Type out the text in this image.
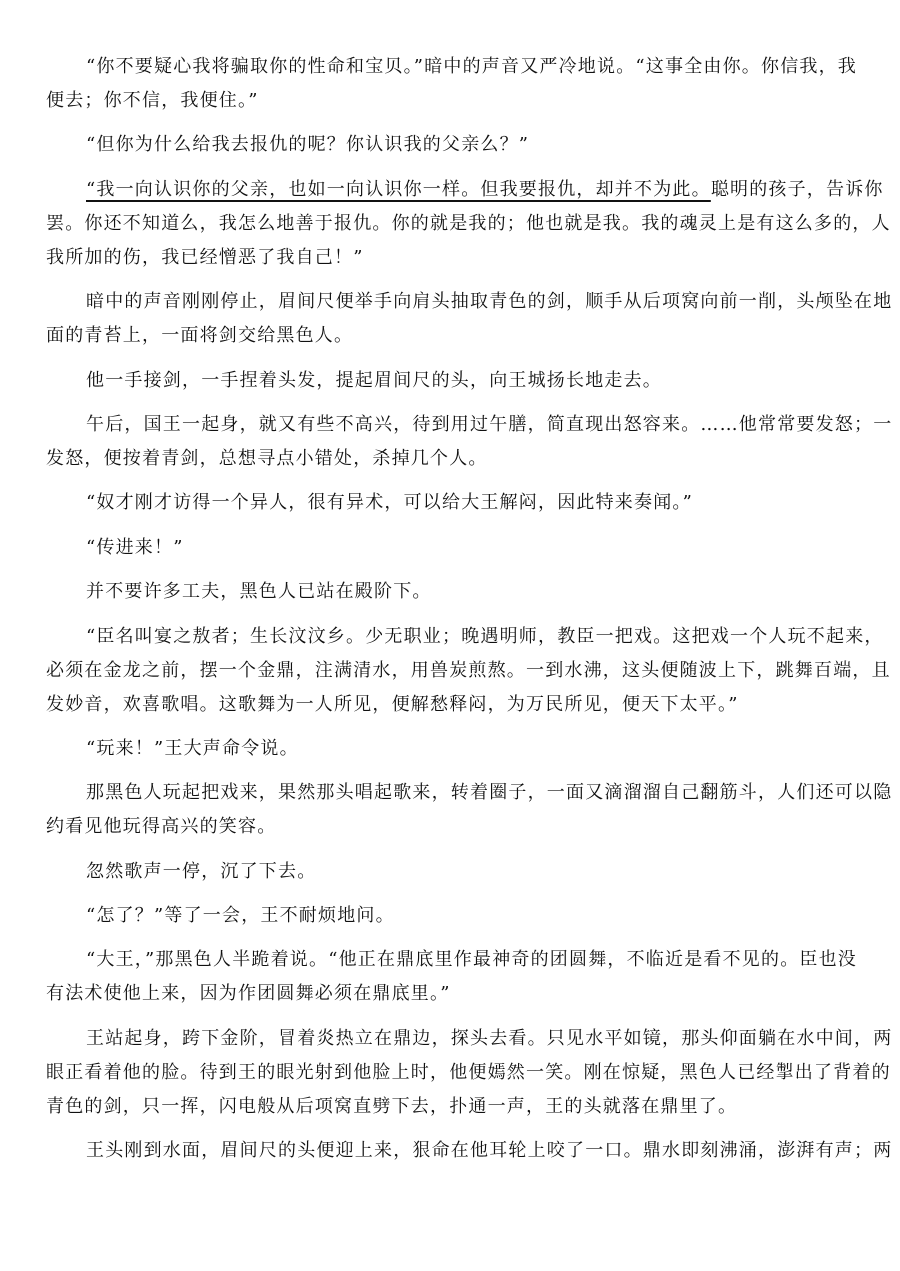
“你不要疑心我将骗取你的性命和宝贝。”暗中的声音又严冷地说。“这事全由你。你信我，我
便去；你不信，我便住。”

“但你为什么给我去报仇的呢？你认识我的父亲么？”

“我一向认识你的父亲，也如一向认识你一样。但我要报仇，却并不为此。聪明的孩子，告诉你
罢。你还不知道么，我怎么地善于报仇。你的就是我的；他也就是我。我的魂灵上是有这么多的，人
我所加的伤，我已经憎恶了我自己！”

暗中的声音刚刚停止，眉间尺便举手向肩头抽取青色的剑，顺手从后项窝向前一削，头颅坠在地
面的青苔上，一面将剑交给黑色人。

他一手接剑，一手捏着头发，提起眉间尺的头，向王城扬长地走去。

午后，国王一起身，就又有些不高兴，待到用过午膳，简直现出怒容来。……他常常要发怒；一
发怒，便按着青剑，总想寻点小错处，杀掉几个人。

“奴才刚才访得一个异人，很有异术，可以给大王解闷，因此特来奏闻。”

“传进来！”

并不要许多工夫，黑色人已站在殿阶下。

“臣名叫宴之敖者；生长汶汶乡。少无职业；晚遇明师，教臣一把戏。这把戏一个人玩不起来，
必须在金龙之前，摆一个金鼎，注满清水，用兽炭煎熬。一到水沸，这头便随波上下，跳舞百端，且
发妙音，欢喜歌唱。这歌舞为一人所见，便解愁释闷，为万民所见，便天下太平。”

“玩来！”王大声命令说。

那黑色人玩起把戏来，果然那头唱起歌来，转着圈子，一面又滴溜溜自己翻筋斗，人们还可以隐
约看见他玩得高兴的笑容。

忽然歌声一停，沉了下去。

“怎了？”等了一会，王不耐烦地问。

“大王，”那黑色人半跪着说。“他正在鼎底里作最神奇的团圆舞，不临近是看不见的。臣也没
有法术使他上来，因为作团圆舞必须在鼎底里。”

王站起身，跨下金阶，冒着炎热立在鼎边，探头去看。只见水平如镜，那头仰面躺在水中间，两
眼正看着他的脸。待到王的眼光射到他脸上时，他便嫣然一笑。刚在惊疑，黑色人已经掣出了背着的
青色的剑，只一挥，闪电般从后项窝直劈下去，扑通一声，王的头就落在鼎里了。

王头刚到水面，眉间尺的头便迎上来，狠命在他耳轮上咬了一口。鼎水即刻沸涌，澎湃有声；两
